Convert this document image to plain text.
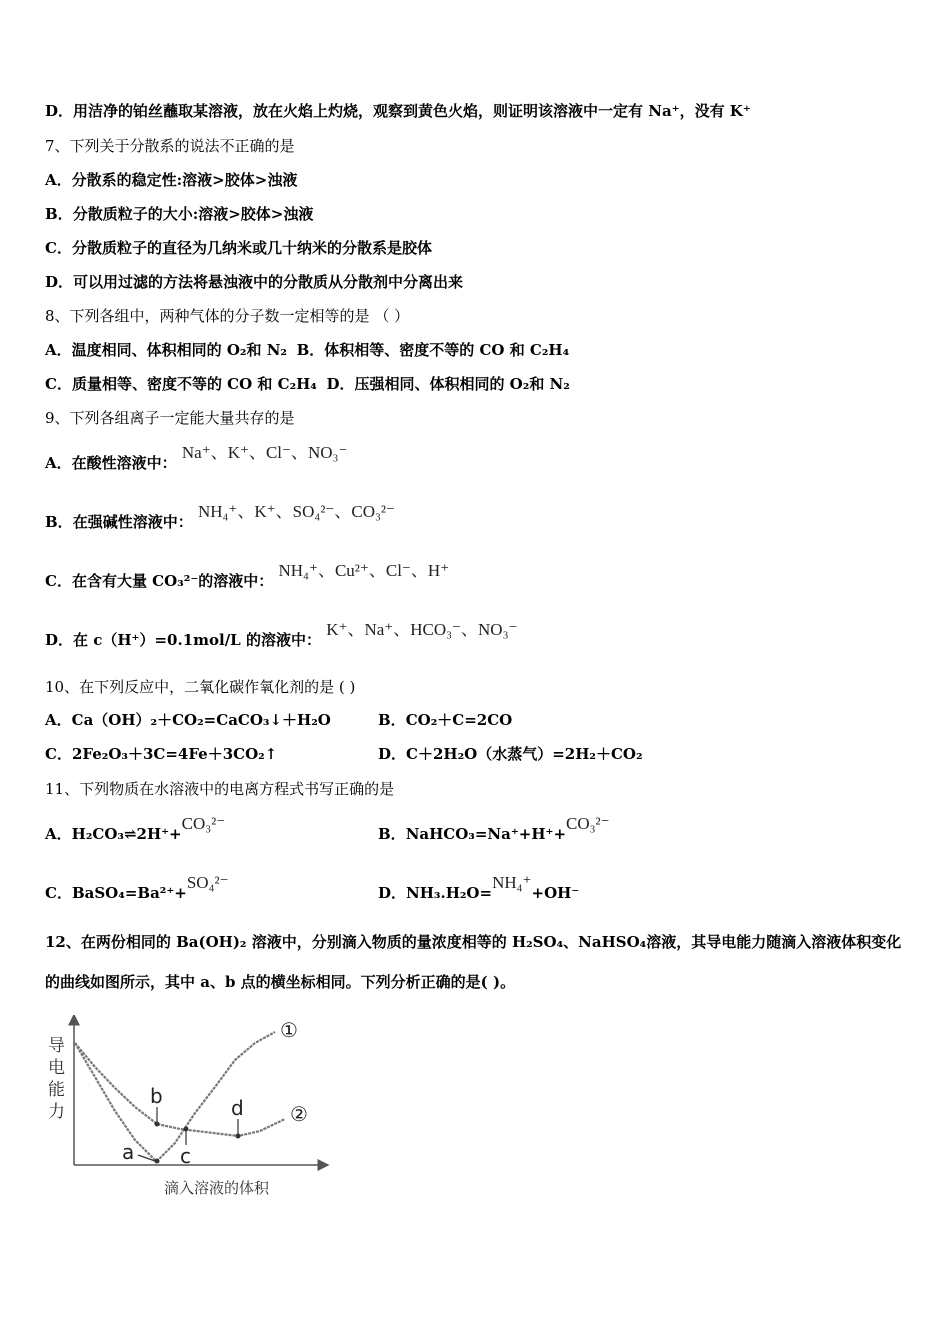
D．用洁净的铂丝蘸取某溶液，放在火焰上灼烧，观察到黄色火焰，则证明该溶液中一定有 Na⁺，没有 K⁺
7、下列关于分散系的说法不正确的是
A．分散系的稳定性:溶液>胶体>浊液
B．分散质粒子的大小:溶液>胶体>浊液
C．分散质粒子的直径为几纳米或几十纳米的分散系是胶体
D．可以用过滤的方法将悬浊液中的分散质从分散剂中分离出来
8、下列各组中，两种气体的分子数一定相等的是 （ ）
A．温度相同、体积相同的 O₂和 N₂ B．体积相等、密度不等的 CO 和 C₂H₄
C．质量相等、密度不等的 CO 和 C₂H₄ D．压强相同、体积相同的 O₂和 N₂
9、下列各组离子一定能大量共存的是
A．在酸性溶液中： Na⁺、K⁺、Cl⁻、NO₃⁻
B．在强碱性溶液中： NH₄⁺、K⁺、SO₄²⁻、CO₃²⁻
C．在含有大量 CO₃²⁻的溶液中： NH₄⁺、Cu²⁺、Cl⁻、H⁺
D．在 c（H⁺）=0.1mol/L 的溶液中： K⁺、Na⁺、HCO₃⁻、NO₃⁻
10、在下列反应中，二氧化碳作氧化剂的是 ( )
A．Ca（OH）₂＋CO₂=CaCO₃↓＋H₂O	B．CO₂＋C=2CO
C．2Fe₂O₃＋3C=4Fe＋3CO₂↑	D．C＋2H₂O（水蒸气）=2H₂＋CO₂
11、下列物质在水溶液中的电离方程式书写正确的是
A．H₂CO₃⇌2H⁺+CO₃²⁻
B．NaHCO₃=Na⁺+H⁺+CO₃²⁻
C．BaSO₄=Ba²⁺+SO₄²⁻
D．NH₃.H₂O=NH₄⁺+OH⁻
12、在两份相同的 Ba(OH)₂ 溶液中，分别滴入物质的量浓度相等的 H₂SO₄、NaHSO₄溶液，其导电能力随滴入溶液体积变化的曲线如图所示，其中 a、b 点的横坐标相同。下列分析正确的是( )。
导
电
能
力
a
b
c
d
①
②
滴入溶液的体积
